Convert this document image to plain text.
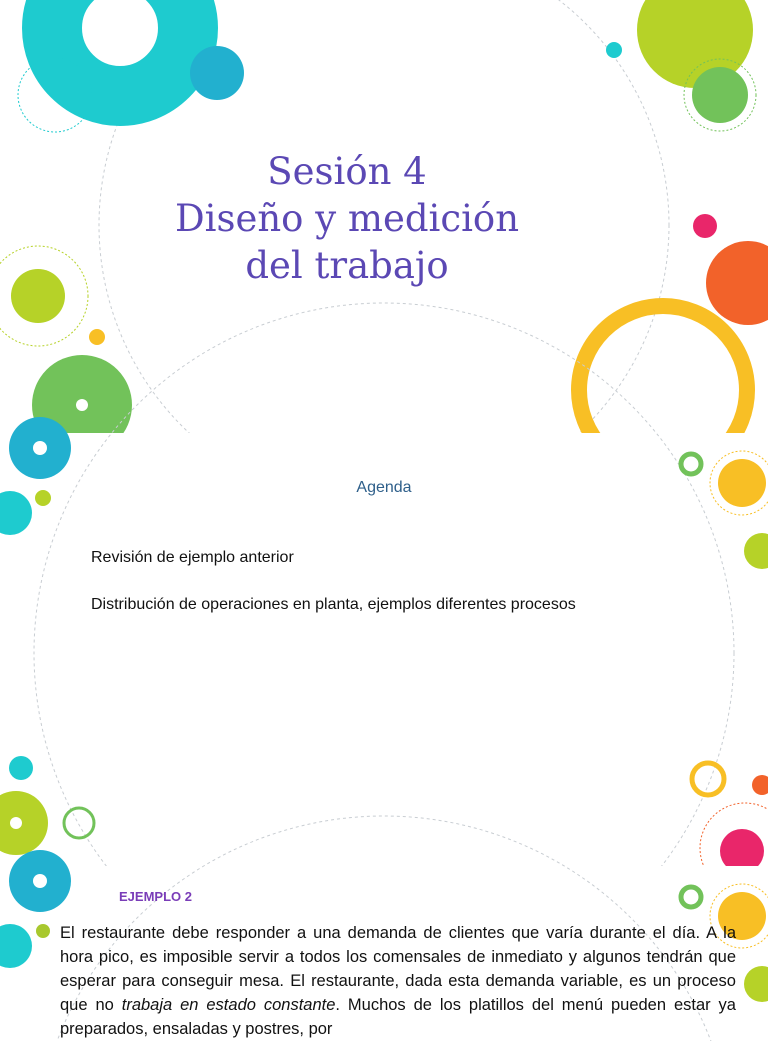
Sesión 4
Diseño y medición
del trabajo
Agenda
Revisión de ejemplo anterior
Distribución de operaciones en planta, ejemplos diferentes procesos
EJEMPLO 2
El restaurante debe responder a una demanda de clientes que varía durante el día. A la hora pico, es imposible servir a todos los comensales de inmediato y algunos tendrán que esperar para conseguir mesa. El restaurante, dada esta demanda variable, es un proceso que no trabaja en estado constante. Muchos de los platillos del menú pueden estar ya preparados, ensaladas y postres, por
